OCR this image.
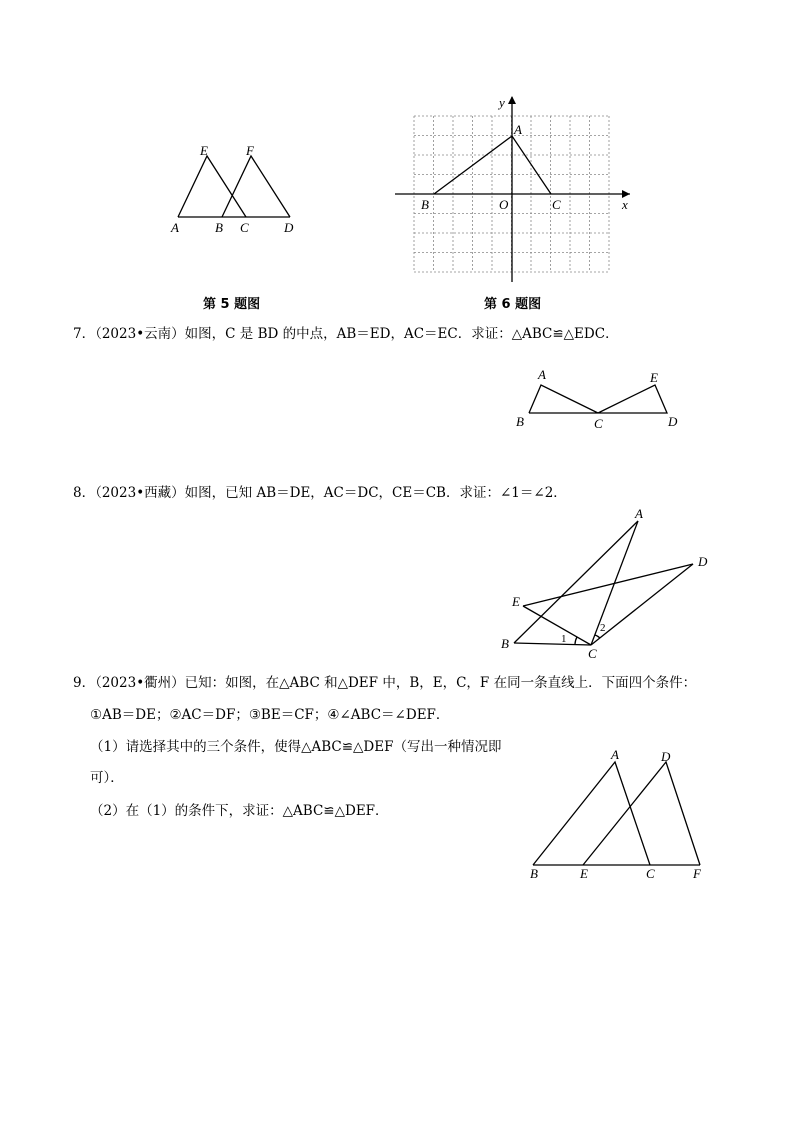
E	F
A	B C	D
第 5 题图
y
x
A
B	O	C
第 6 题图
7．（2023•云南）如图，C 是 BD 的中点，AB＝ED，AC＝EC．求证：△ABC≌△EDC．
A	E
B	C	D
8．（2023•西藏）如图，已知 AB＝DE，AC＝DC，CE＝CB．求证：∠1＝∠2．
A
D
E
B
C
1
2
9．（2023•衢州）已知：如图，在△ABC 和△DEF 中，B，E，C，F 在同一条直线上．下面四个条件：
①AB＝DE；②AC＝DF；③BE＝CF；④∠ABC＝∠DEF．
（1）请选择其中的三个条件，使得△ABC≌△DEF（写出一种情况即
可）．
（2）在（1）的条件下，求证：△ABC≌△DEF．
A	D
B	E	C	F
